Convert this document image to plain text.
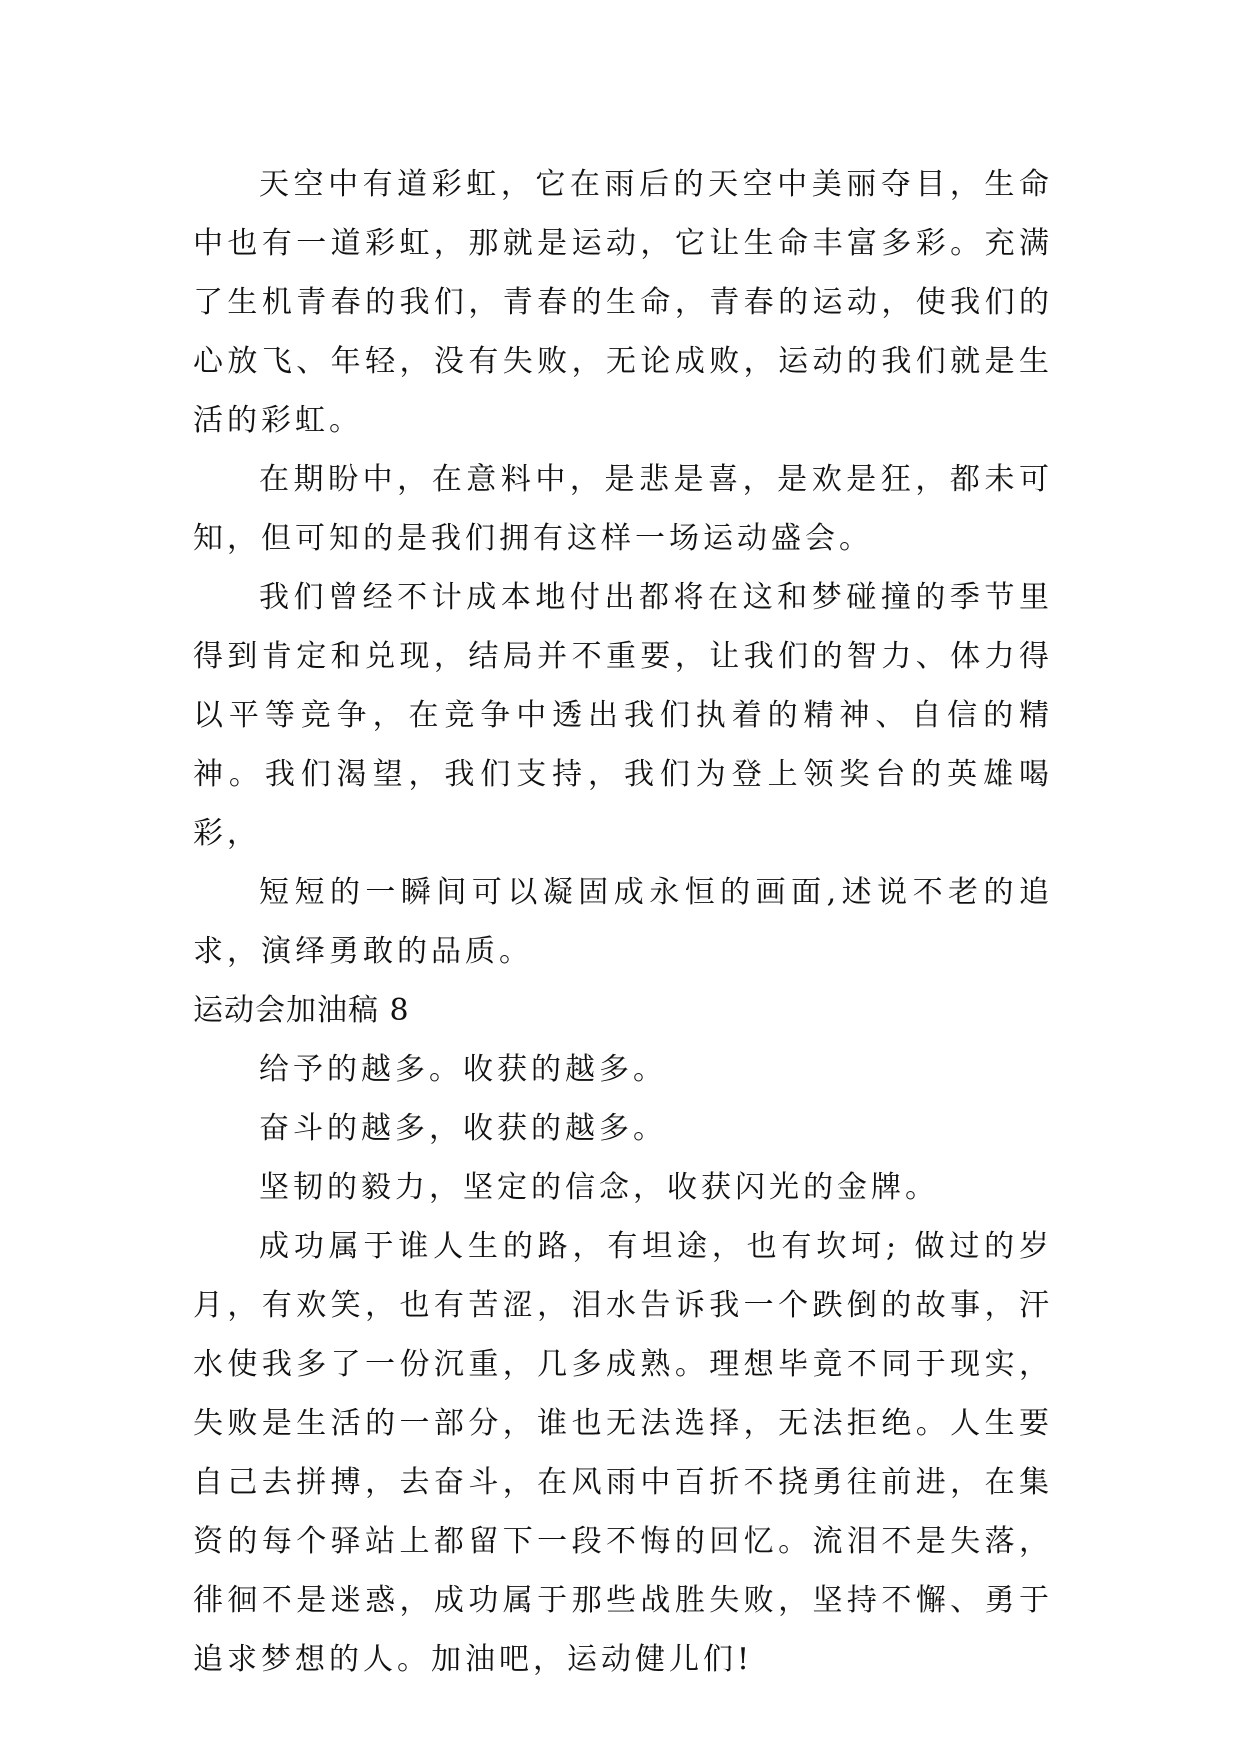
天空中有道彩虹，它在雨后的天空中美丽夺目，生命中也有一道彩虹，那就是运动，它让生命丰富多彩。充满了生机青春的我们，青春的生命，青春的运动，使我们的心放飞、年轻，没有失败，无论成败，运动的我们就是生活的彩虹。

在期盼中，在意料中，是悲是喜，是欢是狂，都未可知，但可知的是我们拥有这样一场运动盛会。

我们曾经不计成本地付出都将在这和梦碰撞的季节里得到肯定和兑现，结局并不重要，让我们的智力、体力得以平等竞争，在竞争中透出我们执着的精神、自信的精神。我们渴望，我们支持，我们为登上领奖台的英雄喝彩，

短短的一瞬间可以凝固成永恒的画面,述说不老的追求，演绎勇敢的品质。

运动会加油稿 8

给予的越多。收获的越多。

奋斗的越多，收获的越多。

坚韧的毅力，坚定的信念，收获闪光的金牌。

成功属于谁人生的路，有坦途，也有坎坷; 做过的岁月，有欢笑，也有苦涩，泪水告诉我一个跌倒的故事，汗水使我多了一份沉重，几多成熟。理想毕竟不同于现实，失败是生活的一部分，谁也无法选择，无法拒绝。人生要自己去拼搏，去奋斗，在风雨中百折不挠勇往前进，在集资的每个驿站上都留下一段不悔的回忆。流泪不是失落，徘徊不是迷惑，成功属于那些战胜失败，坚持不懈、勇于追求梦想的人。加油吧，运动健儿们!
